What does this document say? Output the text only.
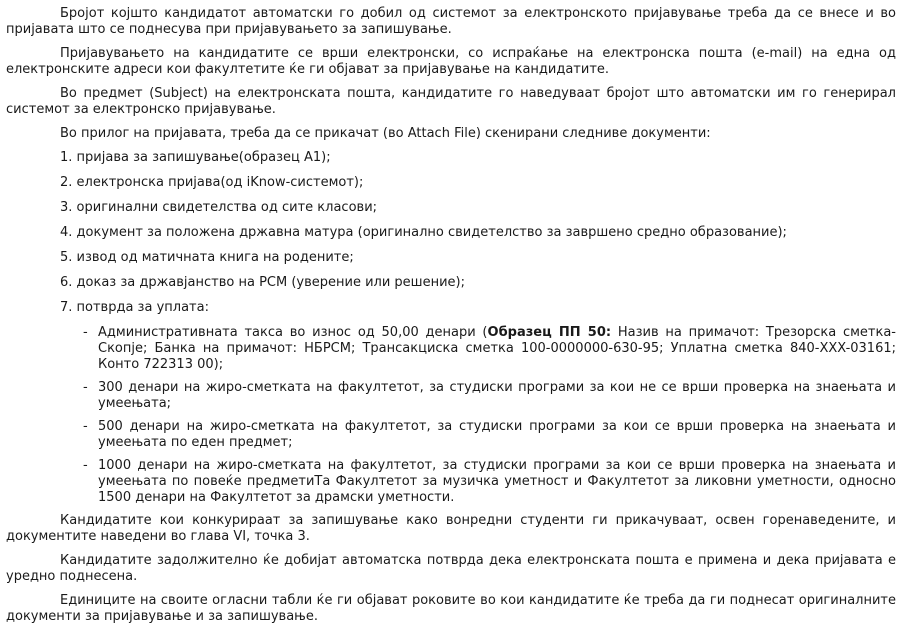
Бројот којшто кандидатот автоматски го добил од системот за електронското пријавување треба да се внесе и во пријавата што се поднесува при пријавувањето за запишување.

Пријавувањето на кандидатите се врши електронски, со испраќање на електронска пошта (e-mail) на една од електронските адреси кои факултетите ќе ги објават за пријавување на кандидатите.

Во предмет (Subject) на електронската пошта, кандидатите го наведуваат бројот што автоматски им го генерирал системот за електронско пријавување.

Во прилог на пријавата, треба да се прикачат (во Attach File) скенирани следниве документи:

1. пријава за запишување(образец А1);
2. електронска пријава(од iKnow-системот);
3. оригинални свидетелства од сите класови;
4. документ за положена државна матура (оригинално свидетелство за завршено средно образование);
5. извод од матичната книга на родените;
6. доказ за државјанство на РСМ (уверение или решение);
7. потврда за уплата:
- Административната такса во износ од 50,00 денари (Образец ПП 50: Назив на примачот: Трезорска сметка-Скопје; Банка на примачот: НБРСМ; Трансакциска сметка 100-0000000-630-95; Уплатна сметка 840-XXX-03161; Конто 722313 00);
- 300 денари на жиро-сметката на факултетот, за студиски програми за кои не се врши проверка на знаењата и умеењата;
- 500 денари на жиро-сметката на факултетот, за студиски програми за кои се врши проверка на знаењата и умеењата по еден предмет;
- 1000 денари на жиро-сметката на факултетот, за студиски програми за кои се врши проверка на знаењата и умеењата по повеќе предметиТа Факултетот за музичка уметност и Факултетот за ликовни уметности, односно 1500 денари на Факултетот за драмски уметности.

Кандидатите кои конкурираат за запишување како вонредни студенти ги прикачуваат, освен горенаведените, и документите наведени во глава VI, точка 3.

Кандидатите задолжително ќе добијат автоматска потврда дека електронската пошта е примена и дека пријавата е уредно поднесена.

Единиците на своите огласни табли ќе ги објават роковите во кои кандидатите ќе треба да ги поднесат оригиналните документи за пријавување и за запишување.
